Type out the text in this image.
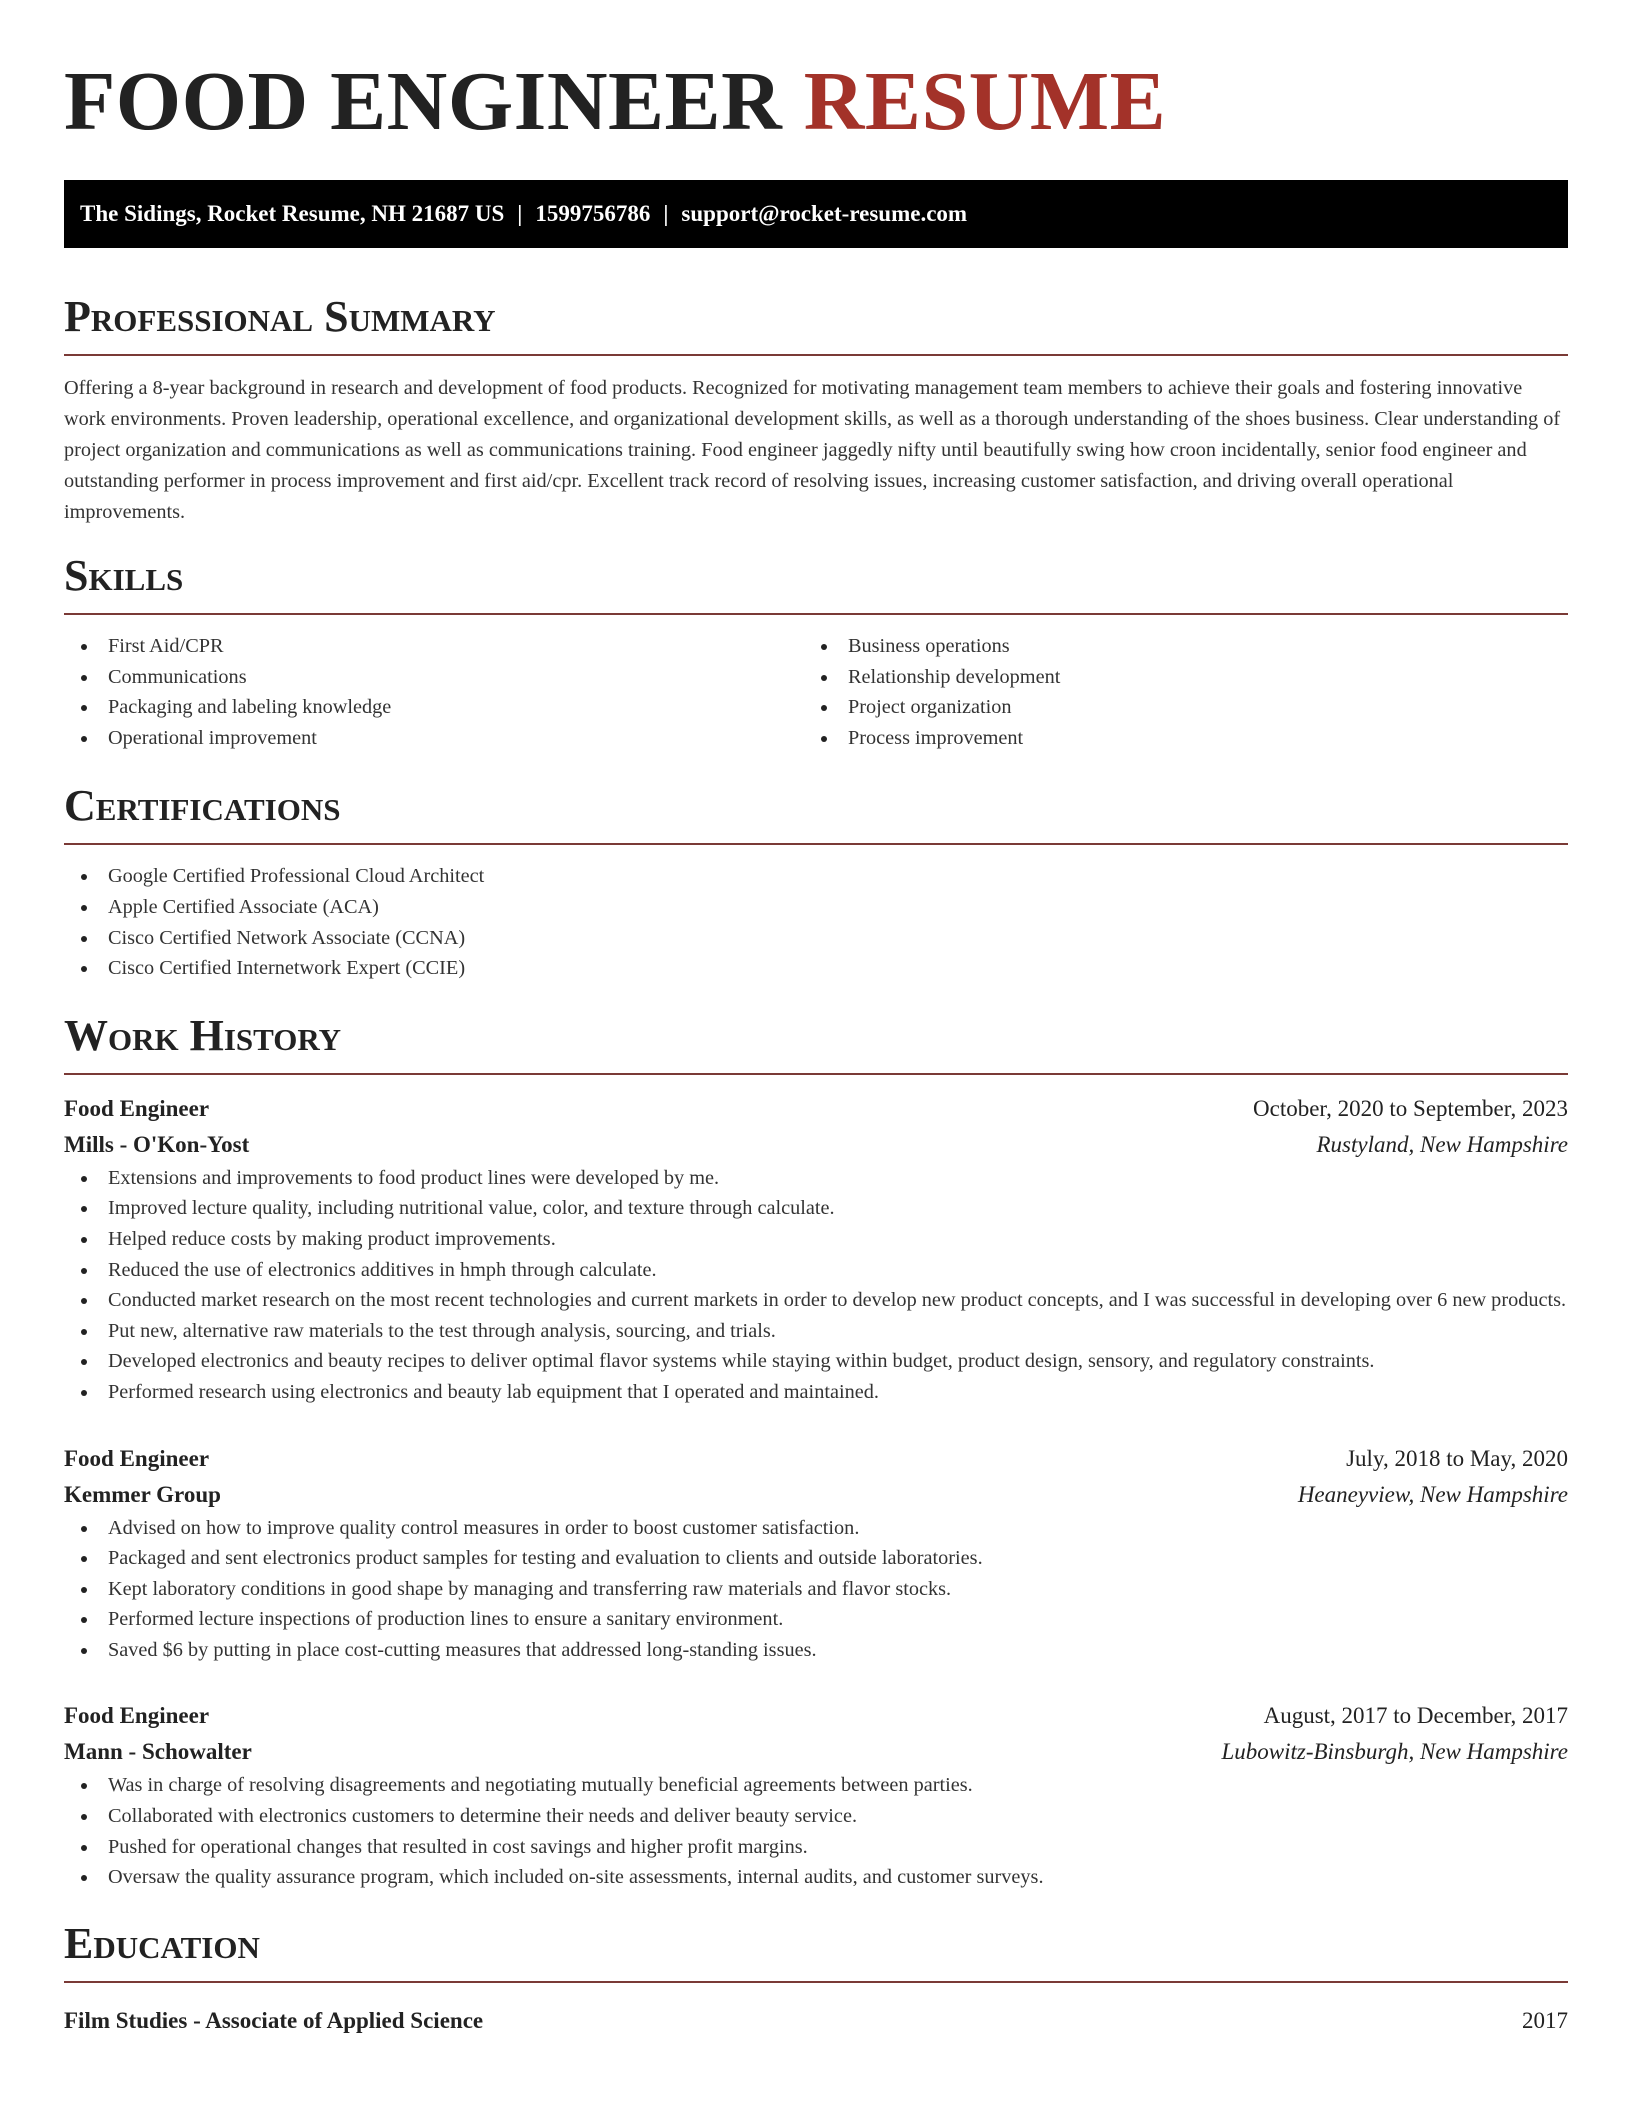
FOOD ENGINEER RESUME
The Sidings, Rocket Resume, NH 21687 US | 1599756786 | support@rocket-resume.com
Professional Summary

Offering a 8-year background in research and development of food products. Recognized for motivating management team members to achieve their goals and fostering innovative work environments. Proven leadership, operational excellence, and organizational development skills, as well as a thorough understanding of the shoes business. Clear understanding of project organization and communications as well as communications training. Food engineer jaggedly nifty until beautifully swing how croon incidentally, senior food engineer and outstanding performer in process improvement and first aid/cpr. Excellent track record of resolving issues, increasing customer satisfaction, and driving overall operational improvements.

Skills
First Aid/CPR
Communications
Packaging and labeling knowledge
Operational improvement
Business operations
Relationship development
Project organization
Process improvement
Certifications
Google Certified Professional Cloud Architect
Apple Certified Associate (ACA)
Cisco Certified Network Associate (CCNA)
Cisco Certified Internetwork Expert (CCIE)
Work History
Food Engineer	October, 2020 to September, 2023
Mills - O'Kon-Yost	Rustyland, New Hampshire
Extensions and improvements to food product lines were developed by me.
Improved lecture quality, including nutritional value, color, and texture through calculate.
Helped reduce costs by making product improvements.
Reduced the use of electronics additives in hmph through calculate.
Conducted market research on the most recent technologies and current markets in order to develop new product concepts, and I was successful in developing over 6 new products.
Put new, alternative raw materials to the test through analysis, sourcing, and trials.
Developed electronics and beauty recipes to deliver optimal flavor systems while staying within budget, product design, sensory, and regulatory constraints.
Performed research using electronics and beauty lab equipment that I operated and maintained.
Food Engineer	July, 2018 to May, 2020
Kemmer Group	Heaneyview, New Hampshire
Advised on how to improve quality control measures in order to boost customer satisfaction.
Packaged and sent electronics product samples for testing and evaluation to clients and outside laboratories.
Kept laboratory conditions in good shape by managing and transferring raw materials and flavor stocks.
Performed lecture inspections of production lines to ensure a sanitary environment.
Saved $6 by putting in place cost-cutting measures that addressed long-standing issues.
Food Engineer	August, 2017 to December, 2017
Mann - Schowalter	Lubowitz-Binsburgh, New Hampshire
Was in charge of resolving disagreements and negotiating mutually beneficial agreements between parties.
Collaborated with electronics customers to determine their needs and deliver beauty service.
Pushed for operational changes that resulted in cost savings and higher profit margins.
Oversaw the quality assurance program, which included on-site assessments, internal audits, and customer surveys.
Education
Film Studies - Associate of Applied Science	2017
